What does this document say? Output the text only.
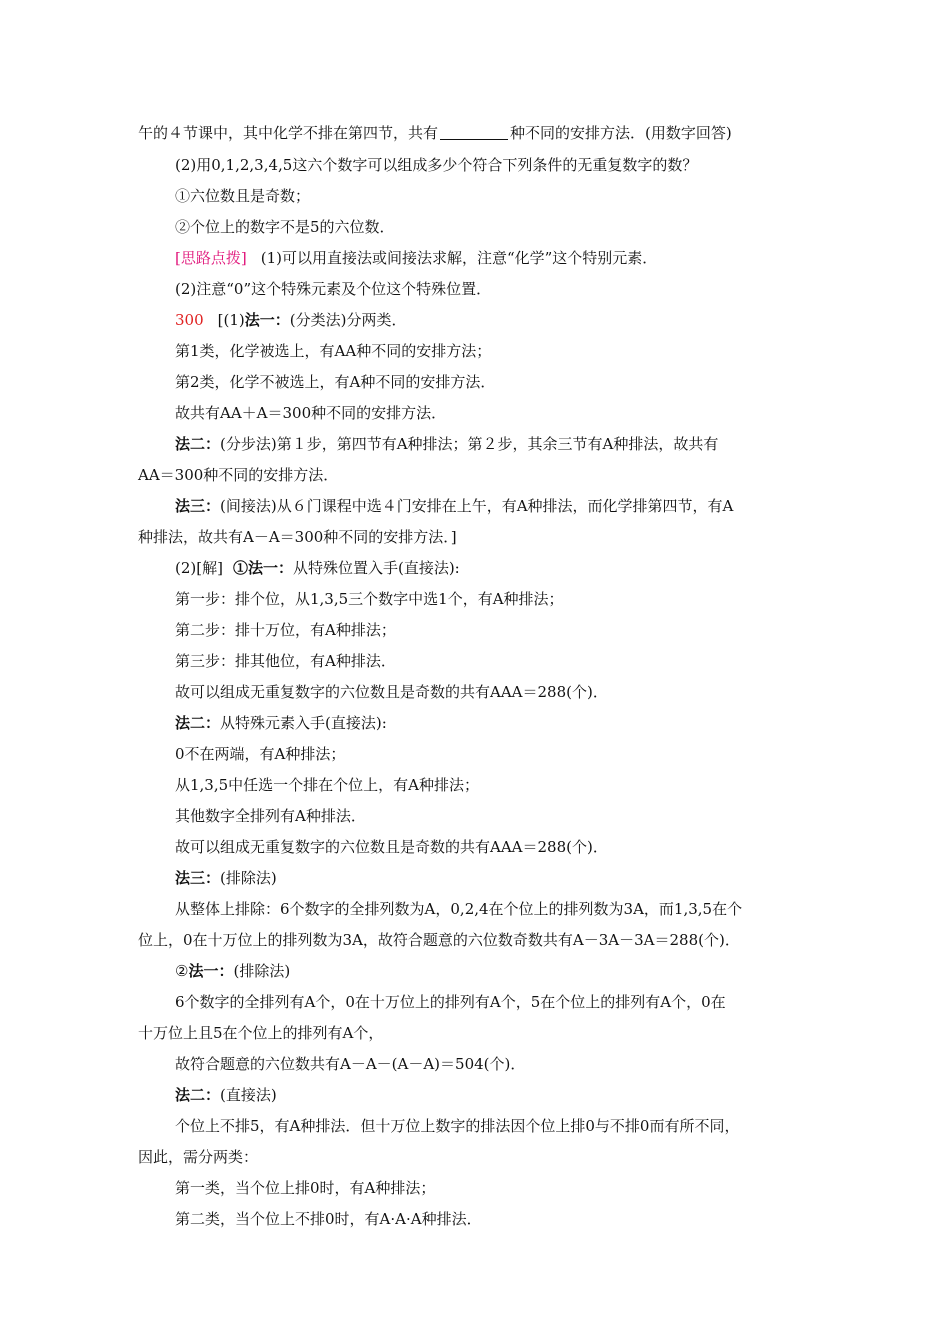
午的４节课中，其中化学不排在第四节，共有	种不同的安排方法．(用数字回答)
(2)用0,1,2,3,4,5这六个数字可以组成多少个符合下列条件的无重复数字的数？
①六位数且是奇数；
②个位上的数字不是5的六位数．
[思路点拨] (1)可以用直接法或间接法求解，注意“化学”这个特别元素．
(2)注意“0”这个特殊元素及个位这个特殊位置．
300 [(1)法一：(分类法)分两类．
第1类，化学被选上，有AA种不同的安排方法；
第2类，化学不被选上，有A种不同的安排方法．
故共有AA＋A＝300种不同的安排方法．
法二：(分步法)第１步，第四节有A种排法；第２步，其余三节有A种排法，故共有
AA＝300种不同的安排方法．
法三：(间接法)从６门课程中选４门安排在上午，有A种排法，而化学排第四节，有A
种排法，故共有A－A＝300种不同的安排方法．]
(2)[解] ①法一：从特殊位置入手(直接法):
第一步：排个位，从1,3,5三个数字中选1个，有A种排法；
第二步：排十万位，有A种排法；
第三步：排其他位，有A种排法．
故可以组成无重复数字的六位数且是奇数的共有AAA＝288(个)．
法二：从特殊元素入手(直接法):
0不在两端，有A种排法；
从1,3,5中任选一个排在个位上，有A种排法；
其他数字全排列有A种排法．
故可以组成无重复数字的六位数且是奇数的共有AAA＝288(个)．
法三：(排除法)
从整体上排除：6个数字的全排列数为A，0,2,4在个位上的排列数为3A，而1,3,5在个
位上，0在十万位上的排列数为3A，故符合题意的六位数奇数共有A－3A－3A＝288(个)．
②法一：(排除法)
6个数字的全排列有A个，0在十万位上的排列有A个，5在个位上的排列有A个，0在
十万位上且5在个位上的排列有A个，
故符合题意的六位数共有A－A－(A－A)＝504(个)．
法二：(直接法)
个位上不排5，有A种排法．但十万位上数字的排法因个位上排0与不排0而有所不同，
因此，需分两类：
第一类，当个位上排0时，有A种排法；
第二类，当个位上不排0时，有A·A·A种排法．
